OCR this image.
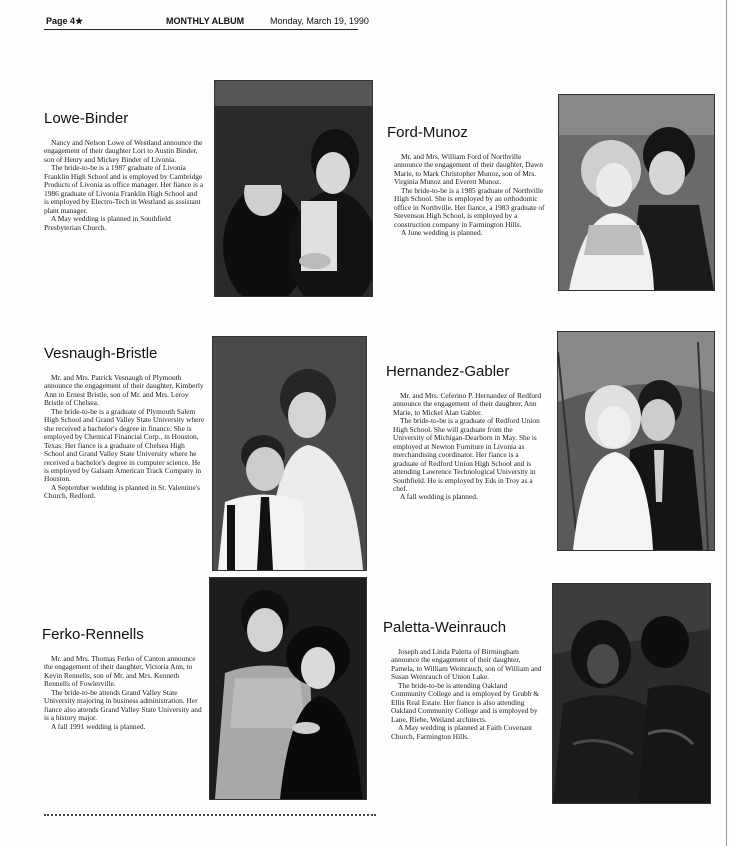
Page 4★	MONTHLY ALBUM	Monday, March 19, 1990
Lowe-Binder

Nancy and Nelson Lowe of Westland announce the engagement of their daughter Lori to Austin Binder, son of Henry and Mickey Binder of Livonia.

The bride-to-be is a 1987 graduate of Livonia Franklin High School and is employed by Cambridge Products of Livonia as office manager. Her fiance is a 1986 graduate of Livonia Franklin High School and is employed by Electro-Tech in Westland as assistant plant manager.

A May wedding is planned in Southfield Presbyterian Church.

Ford-Munoz

Mr. and Mrs. William Ford of Northville announce the engagement of their daughter, Dawn Marie, to Mark Christopher Munoz, son of Mrs. Virginia Munoz and Everett Munoz.

The bride-to-be is a 1985 graduate of Northville High School. She is employed by an orthodontic office in Northville. Her fiance, a 1983 graduate of Stevenson High School, is employed by a construction company in Farmington Hills.

A June wedding is planned.

Vesnaugh-Bristle

Mr. and Mrs. Patrick Vesnaugh of Plymouth announce the engagement of their daughter, Kimberly Ann to Ernest Bristle, son of Mr. and Mrs. Leroy Bristle of Chelsea.

The bride-to-be is a graduate of Plymouth Salem High School and Grand Valley State University where she received a bachelor's degree in finance. She is employed by Chemical Financial Corp., in Houston, Texas. Her fiance is a graduate of Chelsea High School and Grand Valley State University where he received a bachelor's degree in computer science. He is employed by Galsam American Track Company in Houston.

A September wedding is planned in St. Valentine's Church, Redford.

Hernandez-Gabler

Mr. and Mrs. Ceferino P. Hernandez of Redford announce the engagement of their daughter, Ann Marie, to Mickel Alan Gabler.

The bride-to-be is a graduate of Redford Union High School. She will graduate from the University of Michigan-Dearborn in May. She is employed at Newton Furniture in Livonia as merchandising coordinator. Her fiance is a graduate of Redford Union High School and is attending Lawrence Technological University in Southfield. He is employed by Eds in Troy as a chef.

A fall wedding is planned.

Ferko-Rennells

Mr. and Mrs. Thomas Ferko of Canton announce the engagement of their daughter, Victoria Ann, to Kevin Rennells, son of Mr. and Mrs. Kenneth Rennells of Fowlerville.

The bride-to-be attends Grand Valley State University majoring in business administration. Her fiance also attends Grand Valley State University and is a history major.

A fall 1991 wedding is planned.

Paletta-Weinrauch

Joseph and Linda Paletta of Birmingham announce the engagement of their daughter, Pamela, to William Weinrauch, son of William and Susan Weinrauch of Union Lake.

The bride-to-be is attending Oakland Community College and is employed by Grubb & Ellis Real Estate. Her fiance is also attending Oakland Community College and is employed by Lane, Riebe, Weiland architects.

A May wedding is planned at Faith Covenant Church, Farmington Hills.
